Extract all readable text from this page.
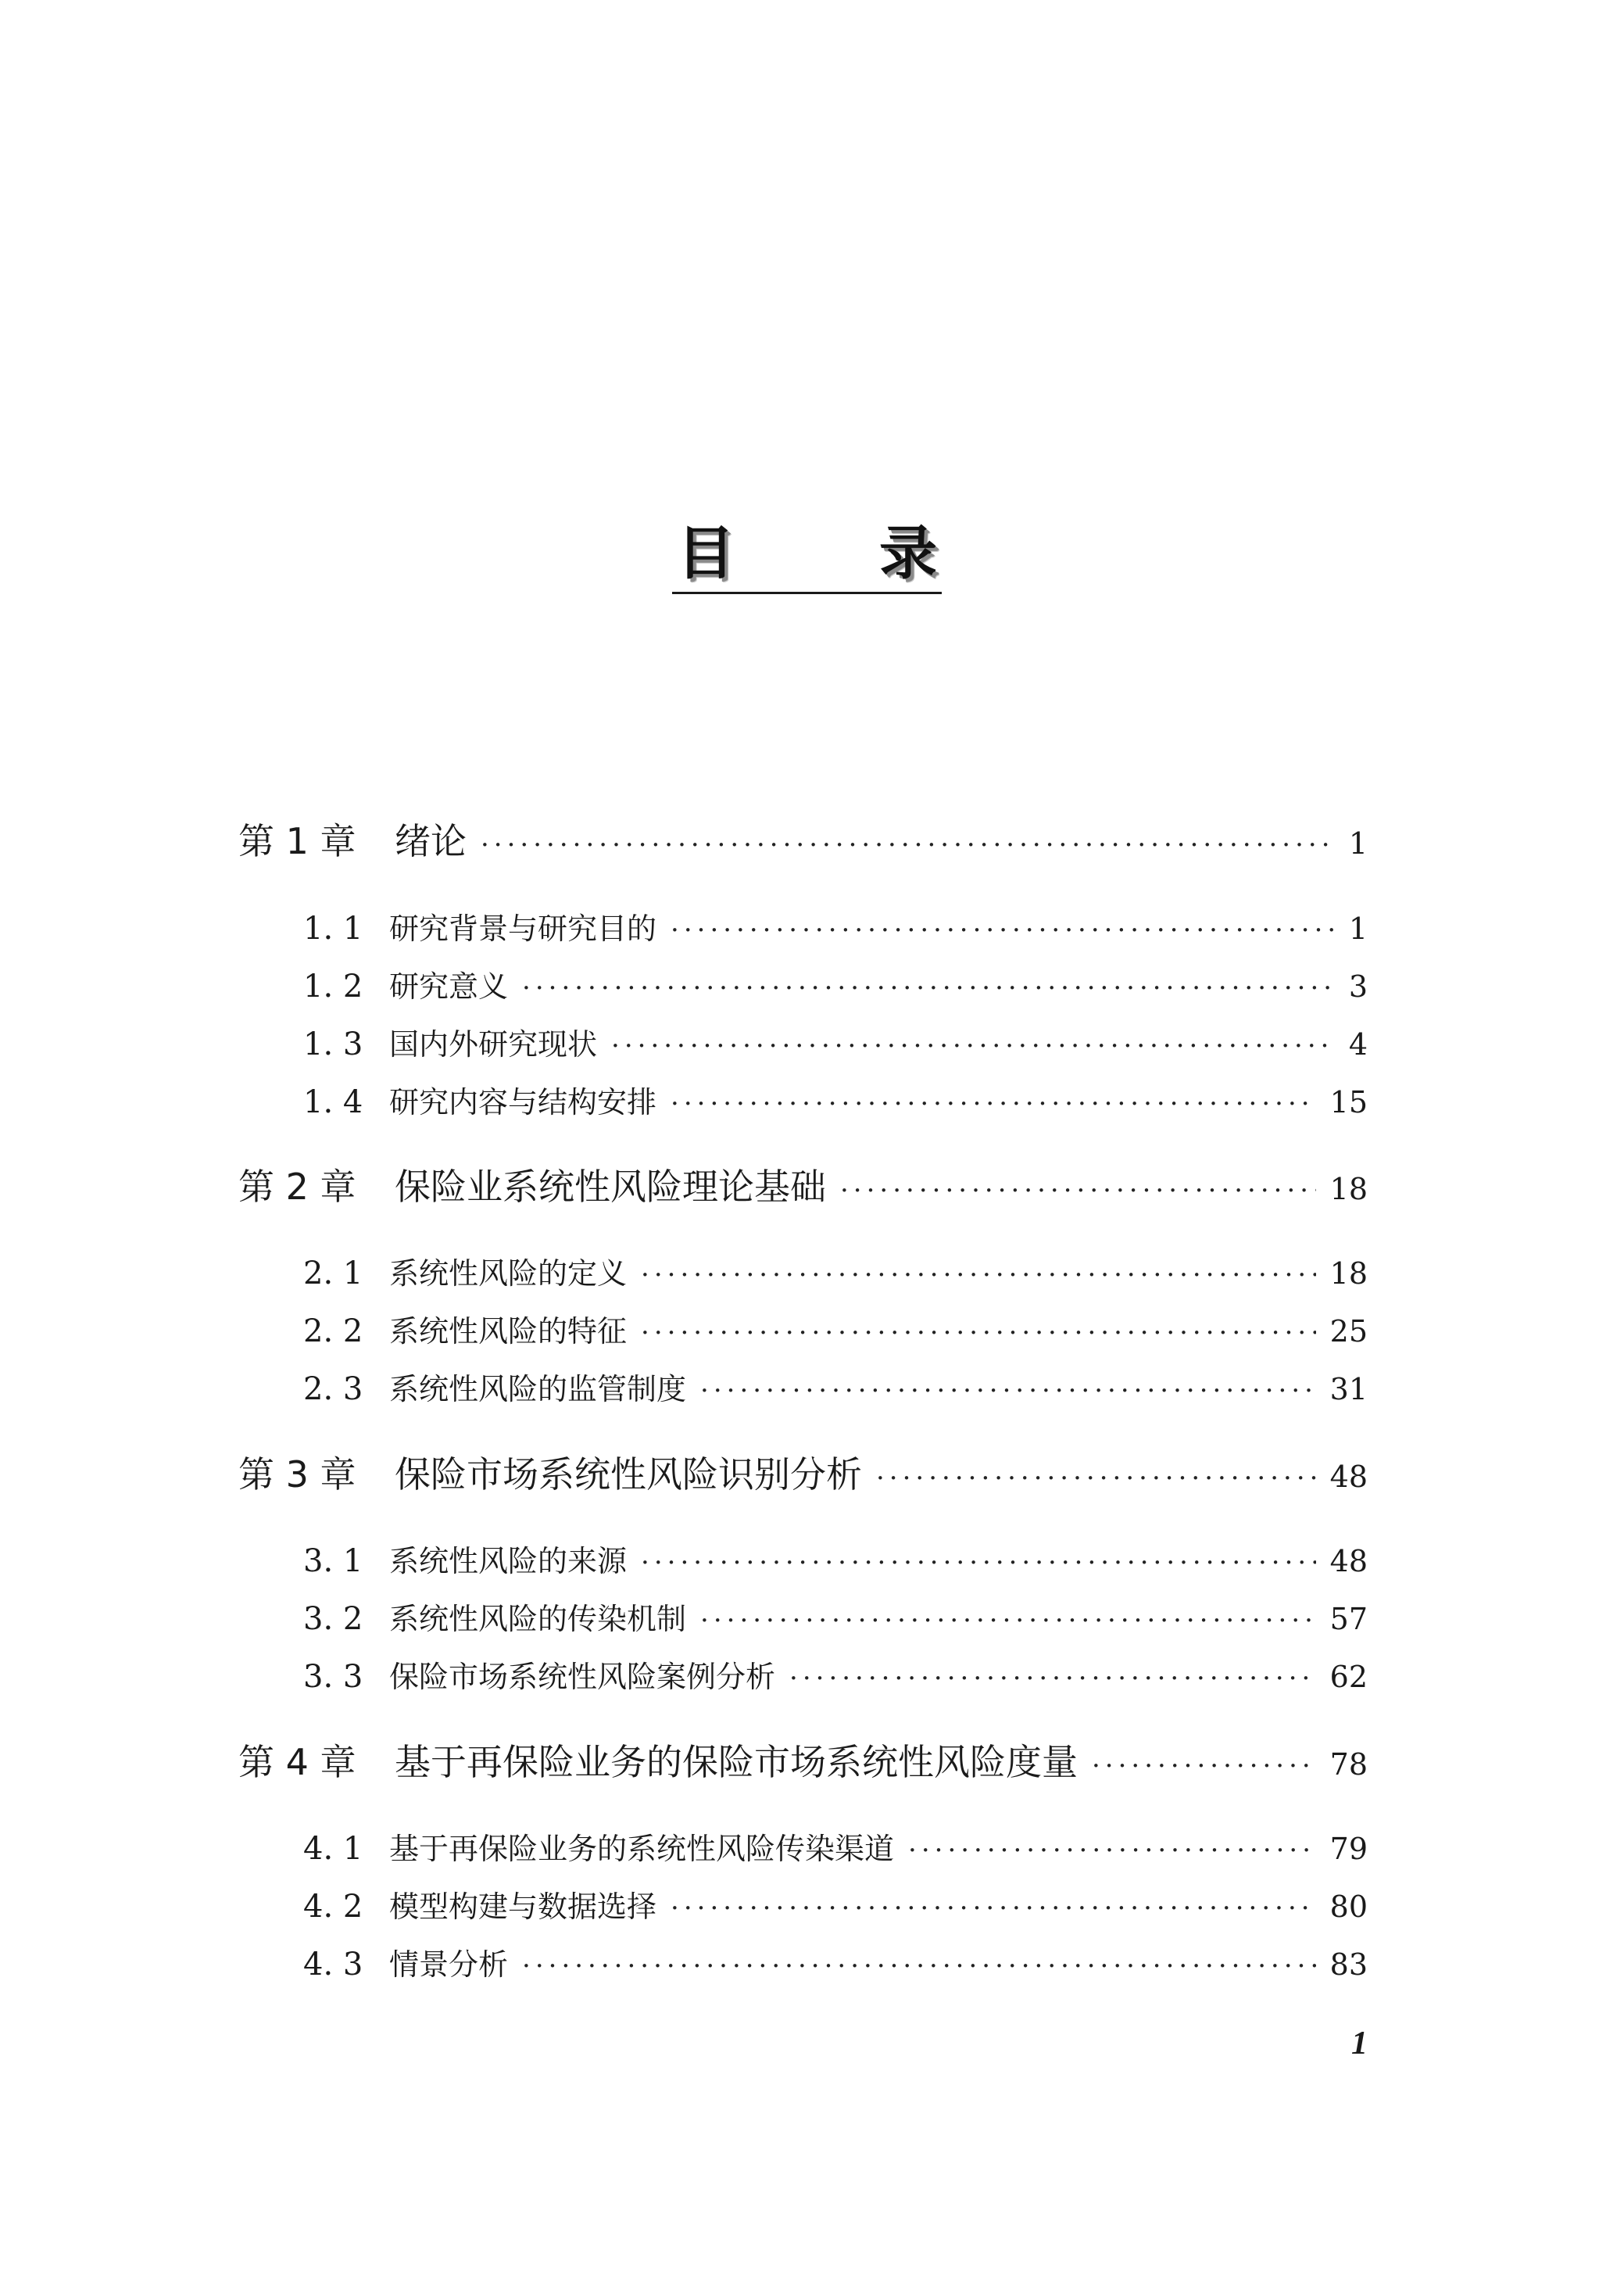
目	录
第 1 章	绪论 ·····	1
1. 1 研究背景与研究目的 ·····	1
1. 2 研究意义 ·····	3
1. 3 国内外研究现状 ·····	4
1. 4 研究内容与结构安排 ·····	15
第 2 章	保险业系统性风险理论基础 ·····	18
2. 1 系统性风险的定义 ·····	18
2. 2 系统性风险的特征 ·····	25
2. 3 系统性风险的监管制度 ·····	31
第 3 章	保险市场系统性风险识别分析 ·····	48
3. 1 系统性风险的来源 ·····	48
3. 2 系统性风险的传染机制 ·····	57
3. 3 保险市场系统性风险案例分析 ·····	62
第 4 章	基于再保险业务的保险市场系统性风险度量 ·····	78
4. 1 基于再保险业务的系统性风险传染渠道 ·····	79
4. 2 模型构建与数据选择 ·····	80
4. 3 情景分析 ·····	83
1
